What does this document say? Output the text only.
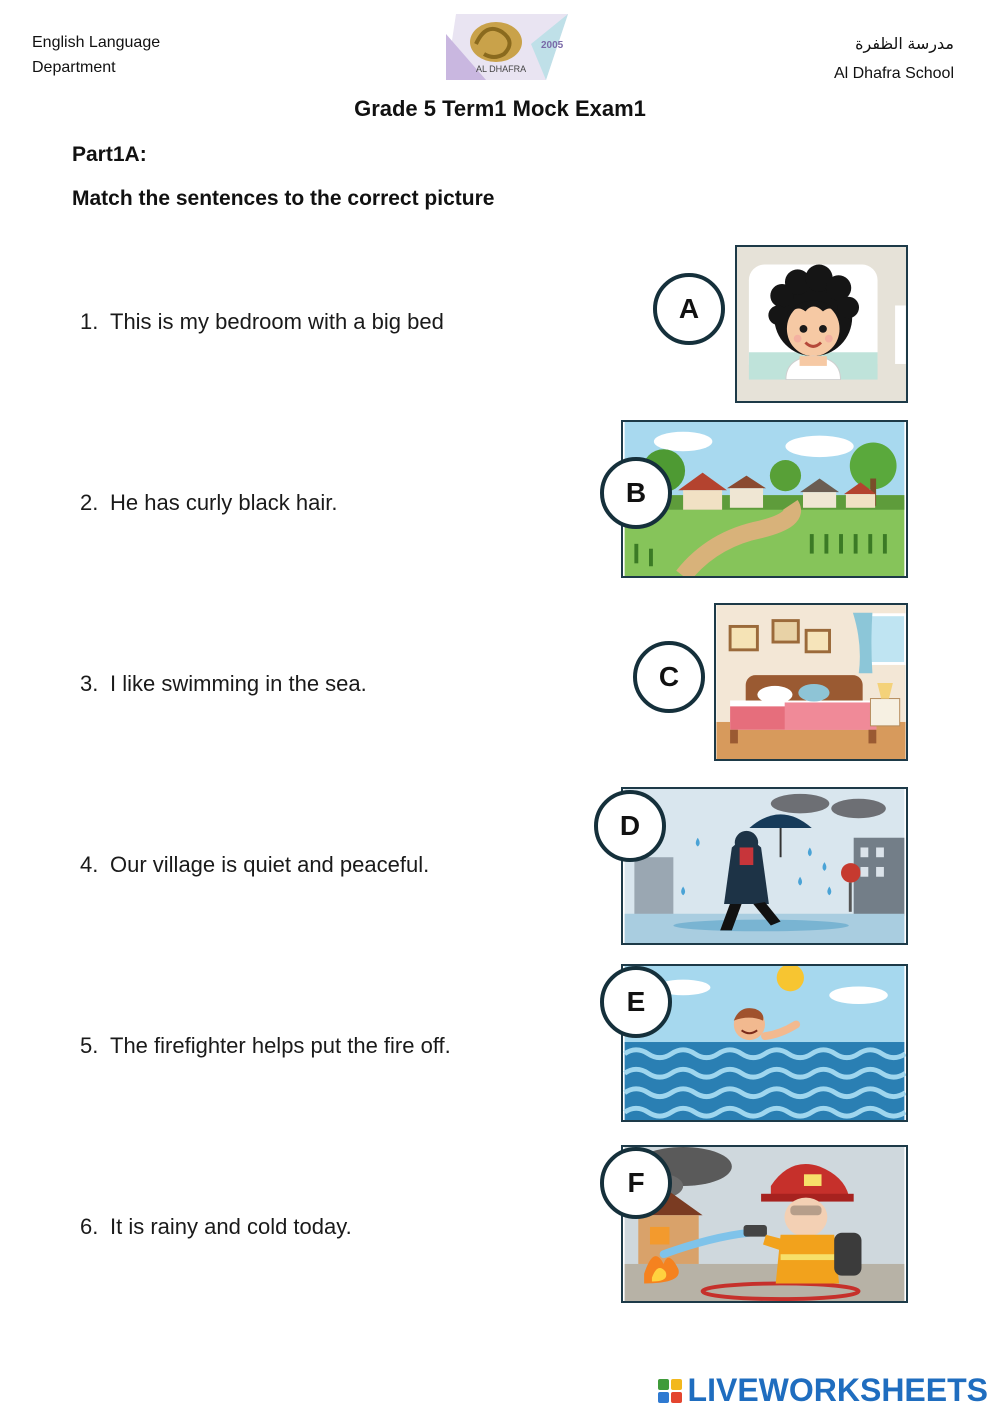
English Language
Department
2005
AL DHAFRA
مدرسة الظفرة
Al Dhafra School
Grade 5 Term1 Mock Exam1
Part1A:
Match the sentences to the correct picture
1. This is my bedroom with a big bed
2. He has curly black hair.
3. I like swimming in the sea.
4. Our village is quiet and peaceful.
5. The firefighter helps put the fire off.
6. It is rainy and cold today.
A
B
C
D
E
F
LIVEWORKSHEETS
